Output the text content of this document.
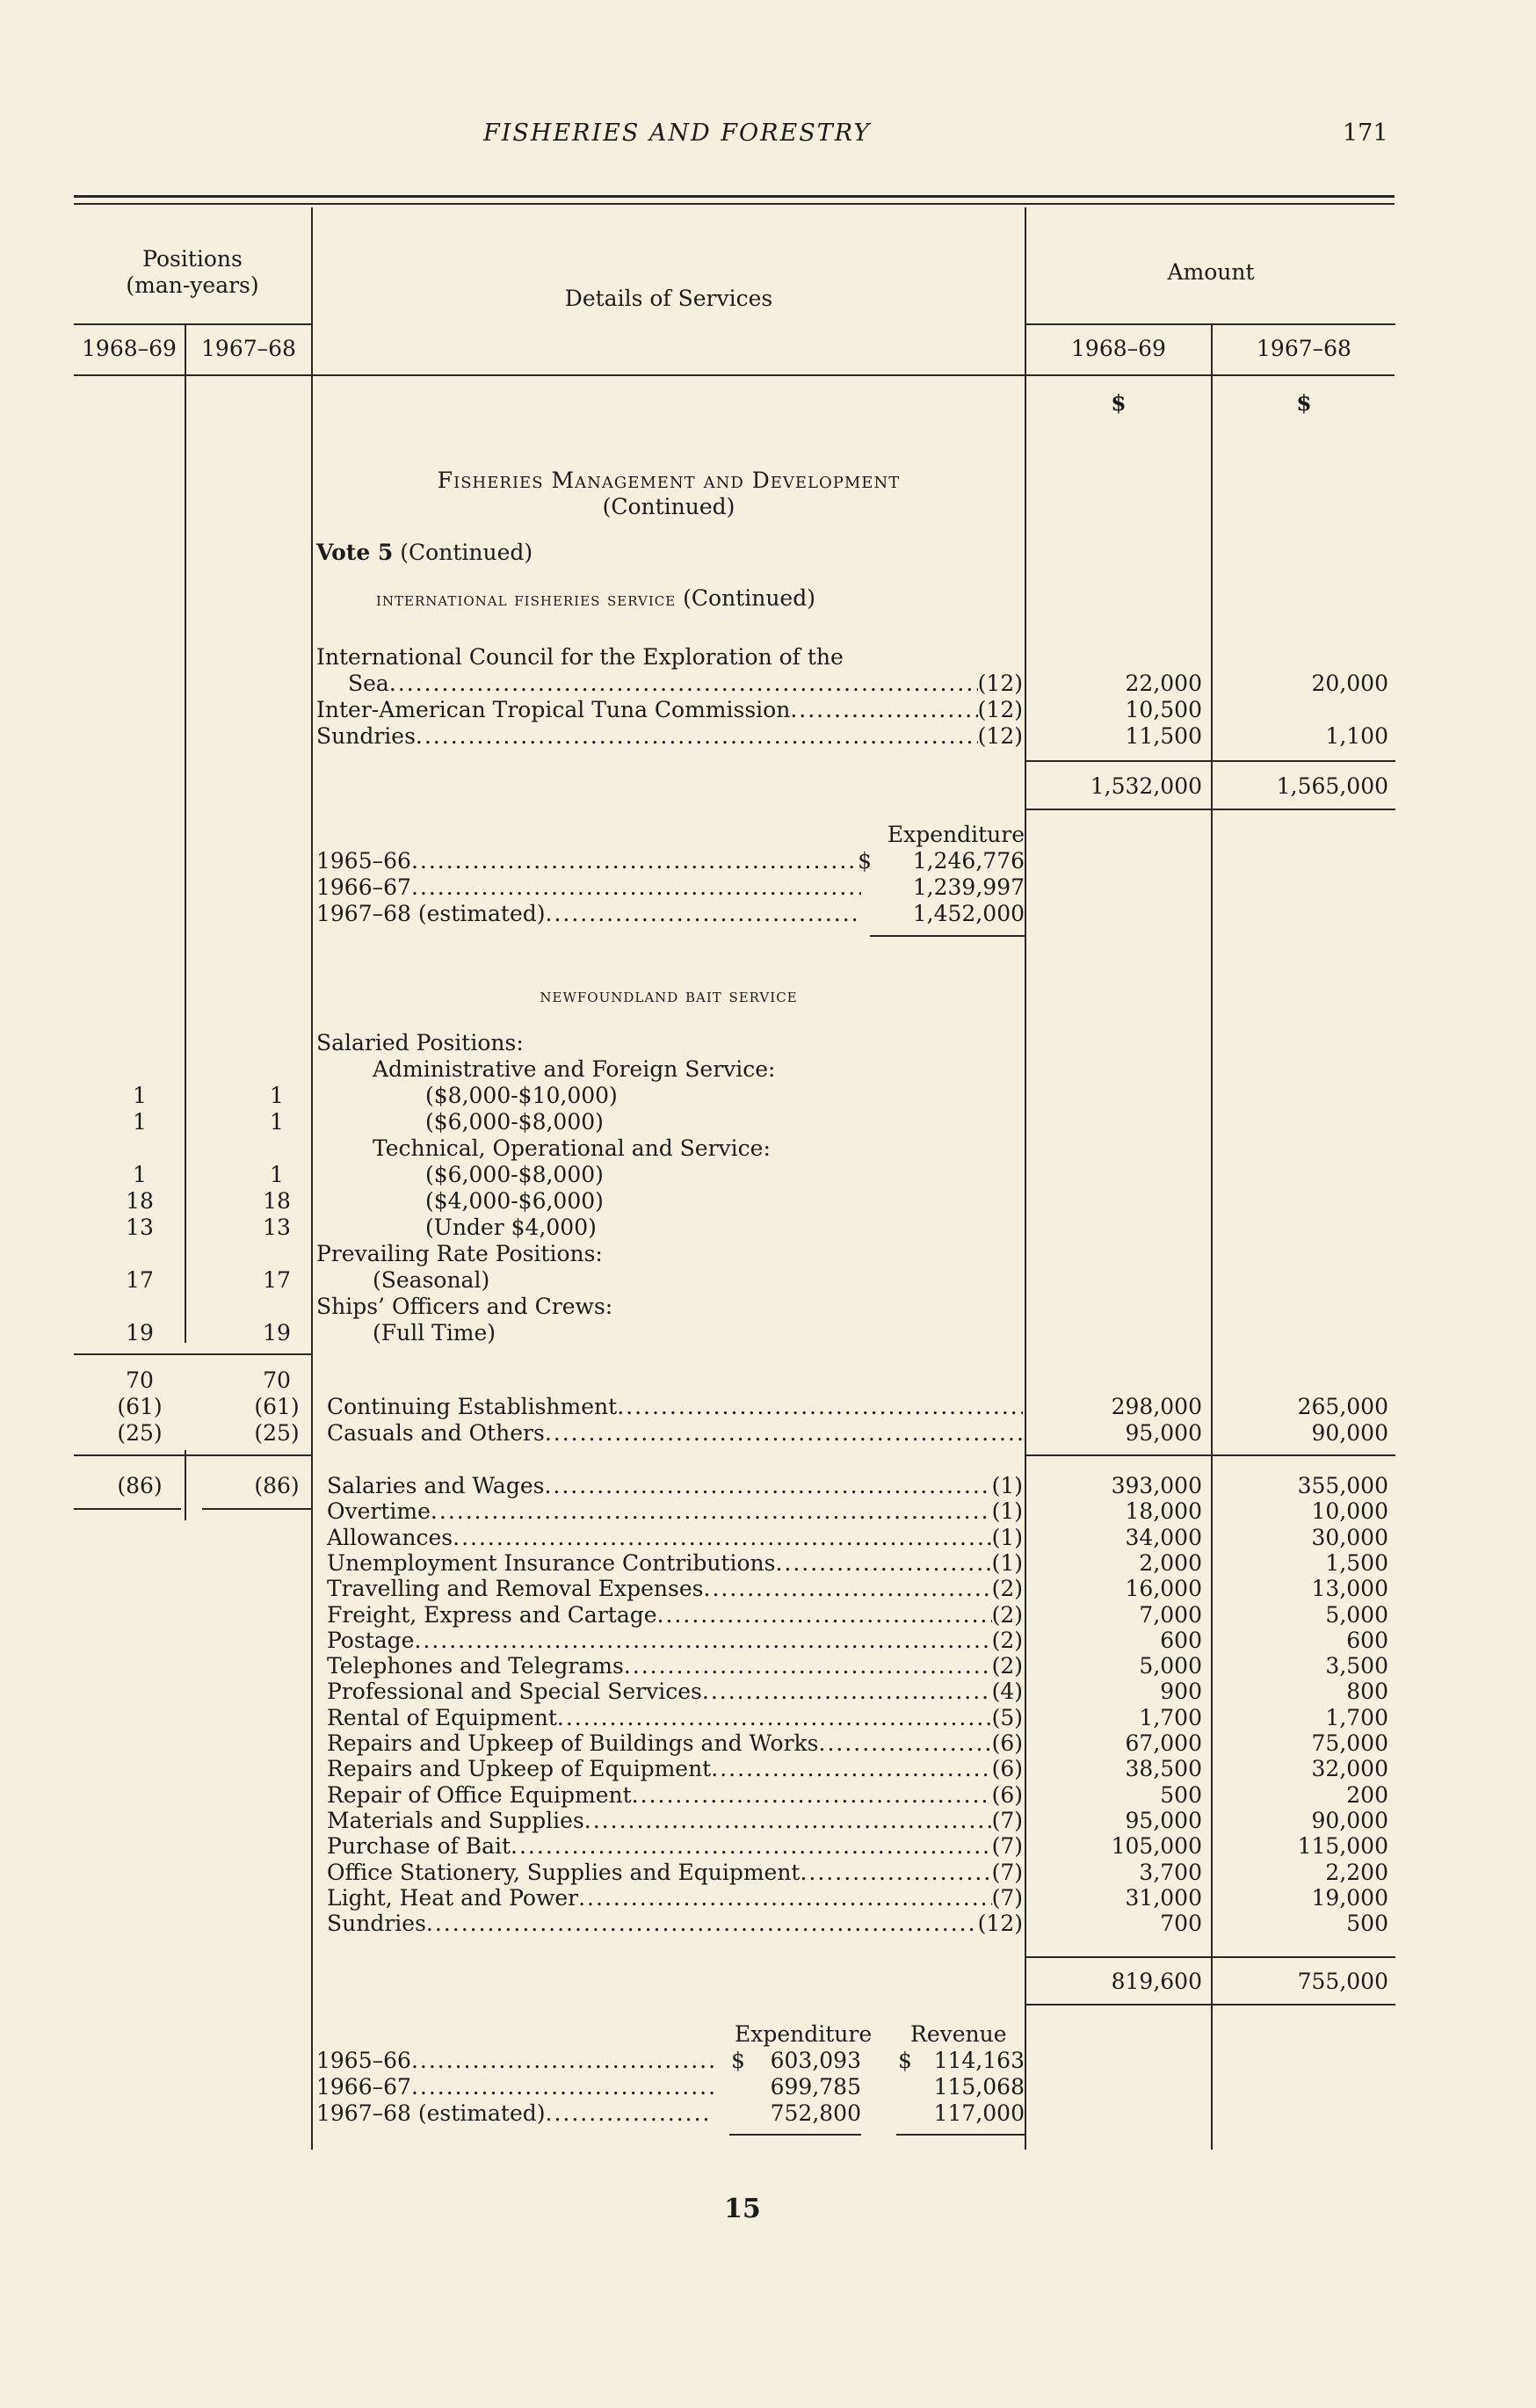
FISHERIES AND FORESTRY	171
Positions
(man-years)
Details of Services
Amount
1968–69	1967–68	1968–69	1967–68
$	$
Fisheries Management and Development
(Continued)
Vote 5 (Continued)
international fisheries service (Continued)
International Council for the Exploration of the
Sea .....	(12)	22,000	20,000
Inter-American Tropical Tuna Commission .....	(12)	10,500
Sundries .....	(12)	11,500	1,100
1,532,000	1,565,000
Expenditure
1965–66 .....	$	1,246,776
1966–67 .....	1,239,997
1967–68 (estimated) .....	1,452,000
newfoundland bait service
Salaried Positions:
Administrative and Foreign Service:
($8,000-$10,000)
1	1
($6,000-$8,000)
1	1
Technical, Operational and Service:
($6,000-$8,000)
1	1
($4,000-$6,000)
18	18
(Under $4,000)
13	13
Prevailing Rate Positions:
(Seasonal)
17	17
Ships’ Officers and Crews:
(Full Time)
19	19
70	70
(61)	(61)	Continuing Establishment .....	298,000	265,000
(25)	(25)	Casuals and Others .....	95,000	90,000
(86)	(86)	Salaries and Wages .....	(1)	393,000	355,000
Overtime .....	(1)	18,000	10,000
Allowances .....	(1)	34,000	30,000
Unemployment Insurance Contributions .....	(1)	2,000	1,500
Travelling and Removal Expenses .....	(2)	16,000	13,000
Freight, Express and Cartage .....	(2)	7,000	5,000
Postage .....	(2)	600	600
Telephones and Telegrams .....	(2)	5,000	3,500
Professional and Special Services .....	(4)	900	800
Rental of Equipment .....	(5)	1,700	1,700
Repairs and Upkeep of Buildings and Works .....	(6)	67,000	75,000
Repairs and Upkeep of Equipment .....	(6)	38,500	32,000
Repair of Office Equipment .....	(6)	500	200
Materials and Supplies .....	(7)	95,000	90,000
Purchase of Bait .....	(7)	105,000	115,000
Office Stationery, Supplies and Equipment .....	(7)	3,700	2,200
Light, Heat and Power .....	(7)	31,000	19,000
Sundries .....	(12)	700	500
819,600	755,000
Expenditure Revenue
1965–66 .....	$	603,093 $ 114,163
1966–67 .....	699,785	115,068
1967–68 (estimated) .....	752,800	117,000
15
